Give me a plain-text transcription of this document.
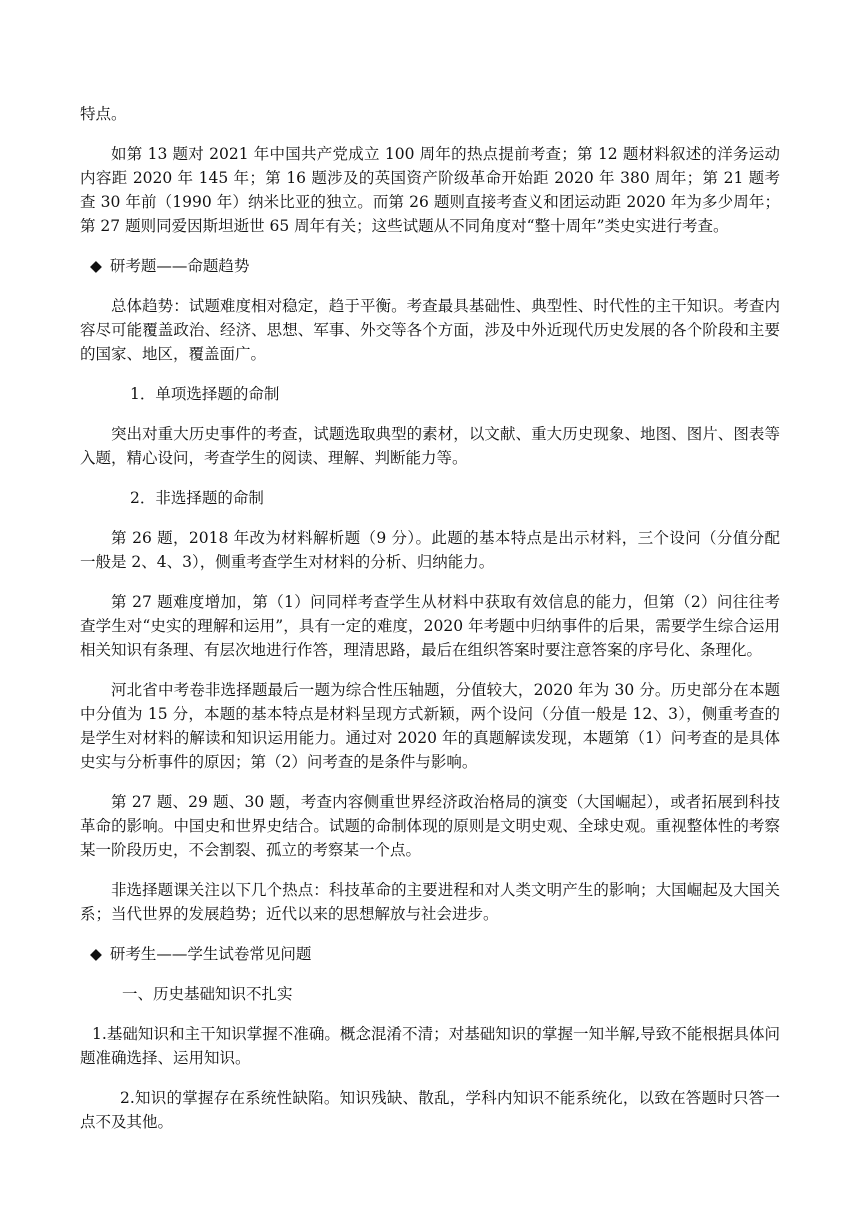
特点。

如第 13 题对 2021 年中国共产党成立 100 周年的热点提前考查；第 12 题材料叙述的洋务运动内容距 2020 年 145 年；第 16 题涉及的英国资产阶级革命开始距 2020 年 380 周年；第 21 题考查 30 年前（1990 年）纳米比亚的独立。而第 26 题则直接考查义和团运动距 2020 年为多少周年；第 27 题则同爱因斯坦逝世 65 周年有关；这些试题从不同角度对“整十周年”类史实进行考查。

◆ 研考题——命题趋势

总体趋势：试题难度相对稳定，趋于平衡。考查最具基础性、典型性、时代性的主干知识。考查内容尽可能覆盖政治、经济、思想、军事、外交等各个方面，涉及中外近现代历史发展的各个阶段和主要的国家、地区，覆盖面广。

1．单项选择题的命制

突出对重大历史事件的考查，试题选取典型的素材，以文献、重大历史现象、地图、图片、图表等入题，精心设问，考查学生的阅读、理解、判断能力等。

2．非选择题的命制

第 26 题，2018 年改为材料解析题（9 分）。此题的基本特点是出示材料，三个设问（分值分配一般是 2、4、3），侧重考查学生对材料的分析、归纳能力。

第 27 题难度增加，第（1）问同样考查学生从材料中获取有效信息的能力，但第（2）问往往考查学生对“史实的理解和运用”，具有一定的难度，2020 年考题中归纳事件的后果，需要学生综合运用相关知识有条理、有层次地进行作答，理清思路，最后在组织答案时要注意答案的序号化、条理化。

河北省中考卷非选择题最后一题为综合性压轴题，分值较大，2020 年为 30 分。历史部分在本题中分值为 15 分，本题的基本特点是材料呈现方式新颖，两个设问（分值一般是 12、3），侧重考查的是学生对材料的解读和知识运用能力。通过对 2020 年的真题解读发现，本题第（1）问考查的是具体史实与分析事件的原因；第（2）问考查的是条件与影响。

第 27 题、29 题、30 题，考查内容侧重世界经济政治格局的演变（大国崛起），或者拓展到科技革命的影响。中国史和世界史结合。试题的命制体现的原则是文明史观、全球史观。重视整体性的考察某一阶段历史，不会割裂、孤立的考察某一个点。

非选择题课关注以下几个热点：科技革命的主要进程和对人类文明产生的影响；大国崛起及大国关系；当代世界的发展趋势；近代以来的思想解放与社会进步。

◆ 研考生——学生试卷常见问题

一、历史基础知识不扎实

1.基础知识和主干知识掌握不准确。概念混淆不清；对基础知识的掌握一知半解,导致不能根据具体问题准确选择、运用知识。

2.知识的掌握存在系统性缺陷。知识残缺、散乱，学科内知识不能系统化，以致在答题时只答一点不及其他。
